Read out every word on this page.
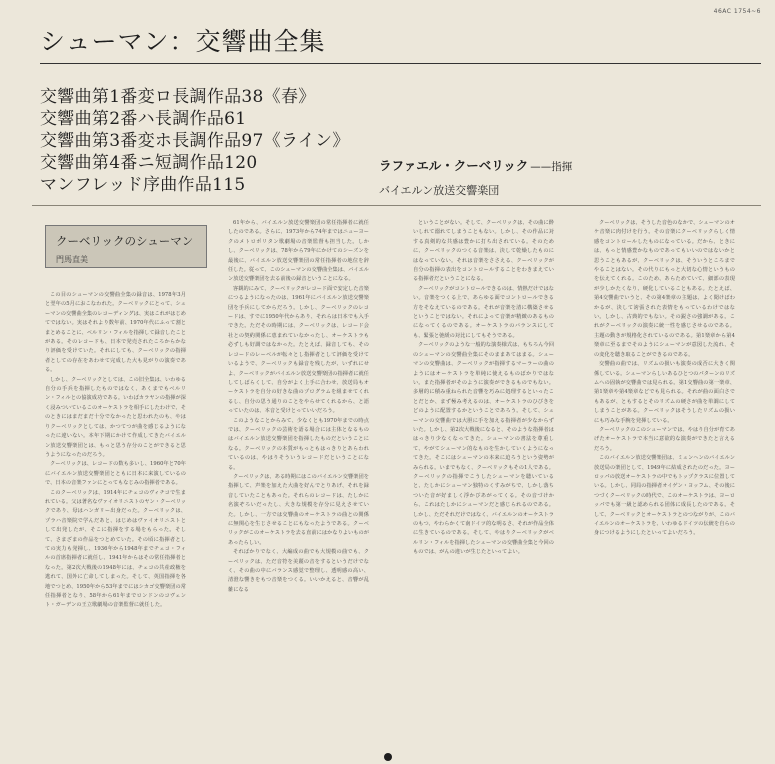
46AC 1754~6
シューマン：交響曲全集
交響曲第1番変ロ長調作品38《春》
交響曲第2番ハ長調作品61
交響曲第3番変ホ長調作品97《ライン》
交響曲第4番ニ短調作品120
マンフレッド序曲作品115
ラファエル・クーベリック ——指揮
バイエルン放送交響楽団
クーベリックのシューマン
門馬直美

この目のシューマンの交響曲全集の録音は、1978年3月と翌年の5月におこなわれた。クーベリックにとって、シューマンの交響曲全集のレコーディングは、実はこれがはじめてではない。実はそれより数年前、1970年代にふって割とまとめることに、ベルリン・フィルを指揮して録音したことがある。そのレコードも、日本で発売されたころからかなり評価を受けていた。それにしても、クーベリックの指揮者としての存在をあわせて完成した大も見がりの演奏である。

しかし、クーベリックとしては、この旧全集は、いわゆる自分の手兵を指揮したものではなく、あくまでもベルリン・フィルとの協演成功である。いわばカラヤンの指揮が深く浸みついているこのオーケストラを相手にしたわけで、そのときにはまだまだ十分でなかったと思われたのも、やはりクーベリックとしては、かつてつが曲を感じるようになったに違いない。本年下期にかけて作成してきたバイエルン放送交響楽団とは、もっと思う存分のことができると思うようになったのだろう。

クーベリックは、レコードの数も多いし、1960年と70年にバイエルン放送交響楽団とともに日本に来演しているので、日本の音楽ファンにとってもなじみの指揮者である。

このクーベリックは、1914年にチェコのヴィチコで生まれている。父は著名なヴァイオリニストのヤン・クーベリックであり、母はハンガリー出身だった。クーベリックは、プラハ音楽院で学んだあと、はじめはヴァイオリニストとして出発したが、そこに指揮をする場をもらった。そして、さまざまの作品をつとめていた。その頃に指揮者としての実力も発揮し、1936年から1948年までチェコ・フィルの首席指揮者に就任し、1941年からはその常任指揮者となった。第2次大戦後の1948年には、チェコの共産政権を逃れて、国外に亡命してしまった。そして、英国指揮を各地でつとめ、1950年から53年までにはシカゴ交響楽団の常任指揮者となり、58年から61年までロンドンのコヴェント・ガーデンの王立歌劇場の音楽監督に就任した。

61年から、バイエルン放送交響楽団の常任指揮者に就任したのである。さらに、1973年から74年まではニューヨークのメトロポリタン歌劇場の音楽監督も担当した。しかし、クーベリックは、78年から79年にかけてのシーズンを最後に、バイエルン放送交響楽団の常任指揮者の地位を辞任した。従って、このシューマンの交響曲全集は、バイエルン放送交響楽団を去る前後の録音ということになる。

客観的にみて、クーベリックがレコード面で安定した音楽につるようになったのは、1961年にバイエルン放送交響楽団を手兵にしてからだろう。しかし、クーベリックのレコードは、すでに1950年代からあり、それらは日本でも入手できた。ただその時期には、クーベリックは、レコード会社との契約関係に恵まれていなかったし、オーケストラも必ずしも好調ではなかった。たとえば、録音しても、そのレコードのレーベルが転々とし指揮者として評価を受けているようで、クーベリックも録音を残したが、いずれにせよ、クーベリックがバイエルン放送交響楽団の指揮者に就任してしばらくして、自分がよく上手に合わせ、放送局もオーケストラを自分の好きな曲のプログラムを組ませてくれるし、自分の思う通りのことをやらせてくれるから、と語っていたのは、本音と受けとっていいだろう。

このようなことからみて、少なくとも1970年までの時点では、クーベリックの芸術を語る場合には主体となるものはバイエルン放送交響楽団を指揮したものだということになる。クーベリックの本質がもっともはっきりとあらわれているのは、やはりそういうレコードだということになる。

クーベリックは、ある時期にはこのバイエルン交響楽団を指揮して、声楽を加えた大曲を好んでとりあげ、それを録音していたこともあった。それらのレコードは、たしかに名演ぞろいだったし、大きな規模を存分に見えさせていた。しかし、一方では交響曲のオーケストラの曲との関係に無関心を生じさせることにもなったようである。クーベリックがこのオーケストラを去る直前にはかなりよいものがあったらしい。

そればかりでなく、大編成の曲でも大規模の曲でも、クーベリックは、ただ音符を美麗の音をするというだけでなく、その曲の中にバランス感覚で整理し、透明感の高い、清澄な響きをもつ音楽をつくる。いいかえると、音響が乱雑になる

ということがない。そして、クーベリックは、その曲に酔いしれて溺れてしまうこともない。しかし、その作品に対する真剣的な共感は豊かに打ち出されている。そのために、クーベリックのつくる音楽は、決して乾燥したものにはなっていない。それは音楽をささえる、クーベリックが自分の指揮の表出をコントロールすることをわきまえている指揮者だということになる。

クーベリックがコントロールできるのは、情熱だけではない。音楽をつくる上で、あらゆる面でコントロールできる方をそなえているのである。それが音楽を清に構築させるということではない。それによって音楽が精緻のあるものになってくるのである。オーケストラのバランスにしても、緊張と弛緩の対比にしてもそうである。

クーベリックのような一般的な演奏様式は、もちろん今回のシューマンの交響曲全集にそのままあてはまる。シューマンの交響曲は、クーベリックが指揮するマーラーの曲のようにはオーケストラを単純に使えるものばかりではない。また指揮者がそのように演奏ができるものでもない。多層的に積み重ねられた音響を巧みに処理するといったことだとか、まず極み考えるのは、オーケストラのひびきをどのように配置するかということであろう。そして、シューマンの交響曲では大胆に手を加える指揮者が少なからずいた。しかし、第2次大戦後になると、そのような指揮者ははっきり少なくなってきた。シューマンの書法を尊重して、やがてシューマン的なものを生かしていくようになってきた。そこにはシューマンの本来に迫ろうという姿勢がみられる。いまでもなく、クーベリックもその1人である。クーベリックの指揮でこうしたシューマンを聴いていると、たしかにシューマン独特のくすみがちで、しかし落ちついた音が好ましく浮かびあがってくる。その音づけから、これはたしかにシューマンだと感じられるのである。しかし、ただそれだけではなく、バイエルンのオーケストラのもつ、やわらかくて南ドイツ的な明るさ、それが作品全体に生きているのである。そして、やはりクーベリックがベルリン・フィルを指揮したシューマンの交響曲全集と今回のものでは、がんの違いが生じたといってよい。

クーベリックは、そうした音色のなかで、シューマンのオケ音楽に肉付けを行う。その音楽にクーベリックらしく情感をコントロールしたものになっている。だから、ときには、もっと情感豊かなものであってもいいのではないかと思うこともあるが、クーベリックは、そういうところまでやることはない。その代りにもっと大切な心情というものを伝えてくれる。このため、あらためていて、細部の表現が少しかたくなり、硬化していることもある。たとえば、第4交響曲でいうと、その第4楽章の主題は、よく聞けばわかるが、決して誇張された表情をもっているわけではない。しかし、古典的でもない。その鋭さの強調がある。これがクーベリックの演奏に統一性を感じさせるのである。主題の動きが規格化されているのである。第1楽章から第4楽章に至るまでそのようにシューマンが意図した流れ、その変化を聴き取ることができるのである。

交響曲の曲では、リズムの扱いも演奏の成否に大きく関係している。シューマンらしいあるひとつのパターンのリズムへの固執が交響曲では見られる。第1交響曲の第一楽章、第1楽章や第4楽章などでも見られる。それが曲の面白さでもあるが、ともするとそのリズムの硬さが曲を単調にしてしまうことがある。クーベリックはそうしたリズムの扱いにも巧みな手腕を発揮している。

クーベリックのこのシューマンでは、やはり自分が育てあげたオーケストラで本当に意欲的な演奏ができたと言えるだろう。

このバイエルン放送交響楽団は、ミュンヘンのバイエルン放送局の楽団として、1949年に結成されたのだった。ヨーロッパの放送オーケストラの中でもトップクラスに位置している。しかし、同局の指揮者オイゲン・ヨッフム、その後につづくクーベリックの時代で、このオーケストラは、ヨーロッパでも第一級と認められる団体に成長したのである。そして、クーベリックとオーケストラとのつながりが、このバイエルンのオーケストラを、いわゆるドイツの伝統を自らの身につけるようにしたといってよいだろう。
